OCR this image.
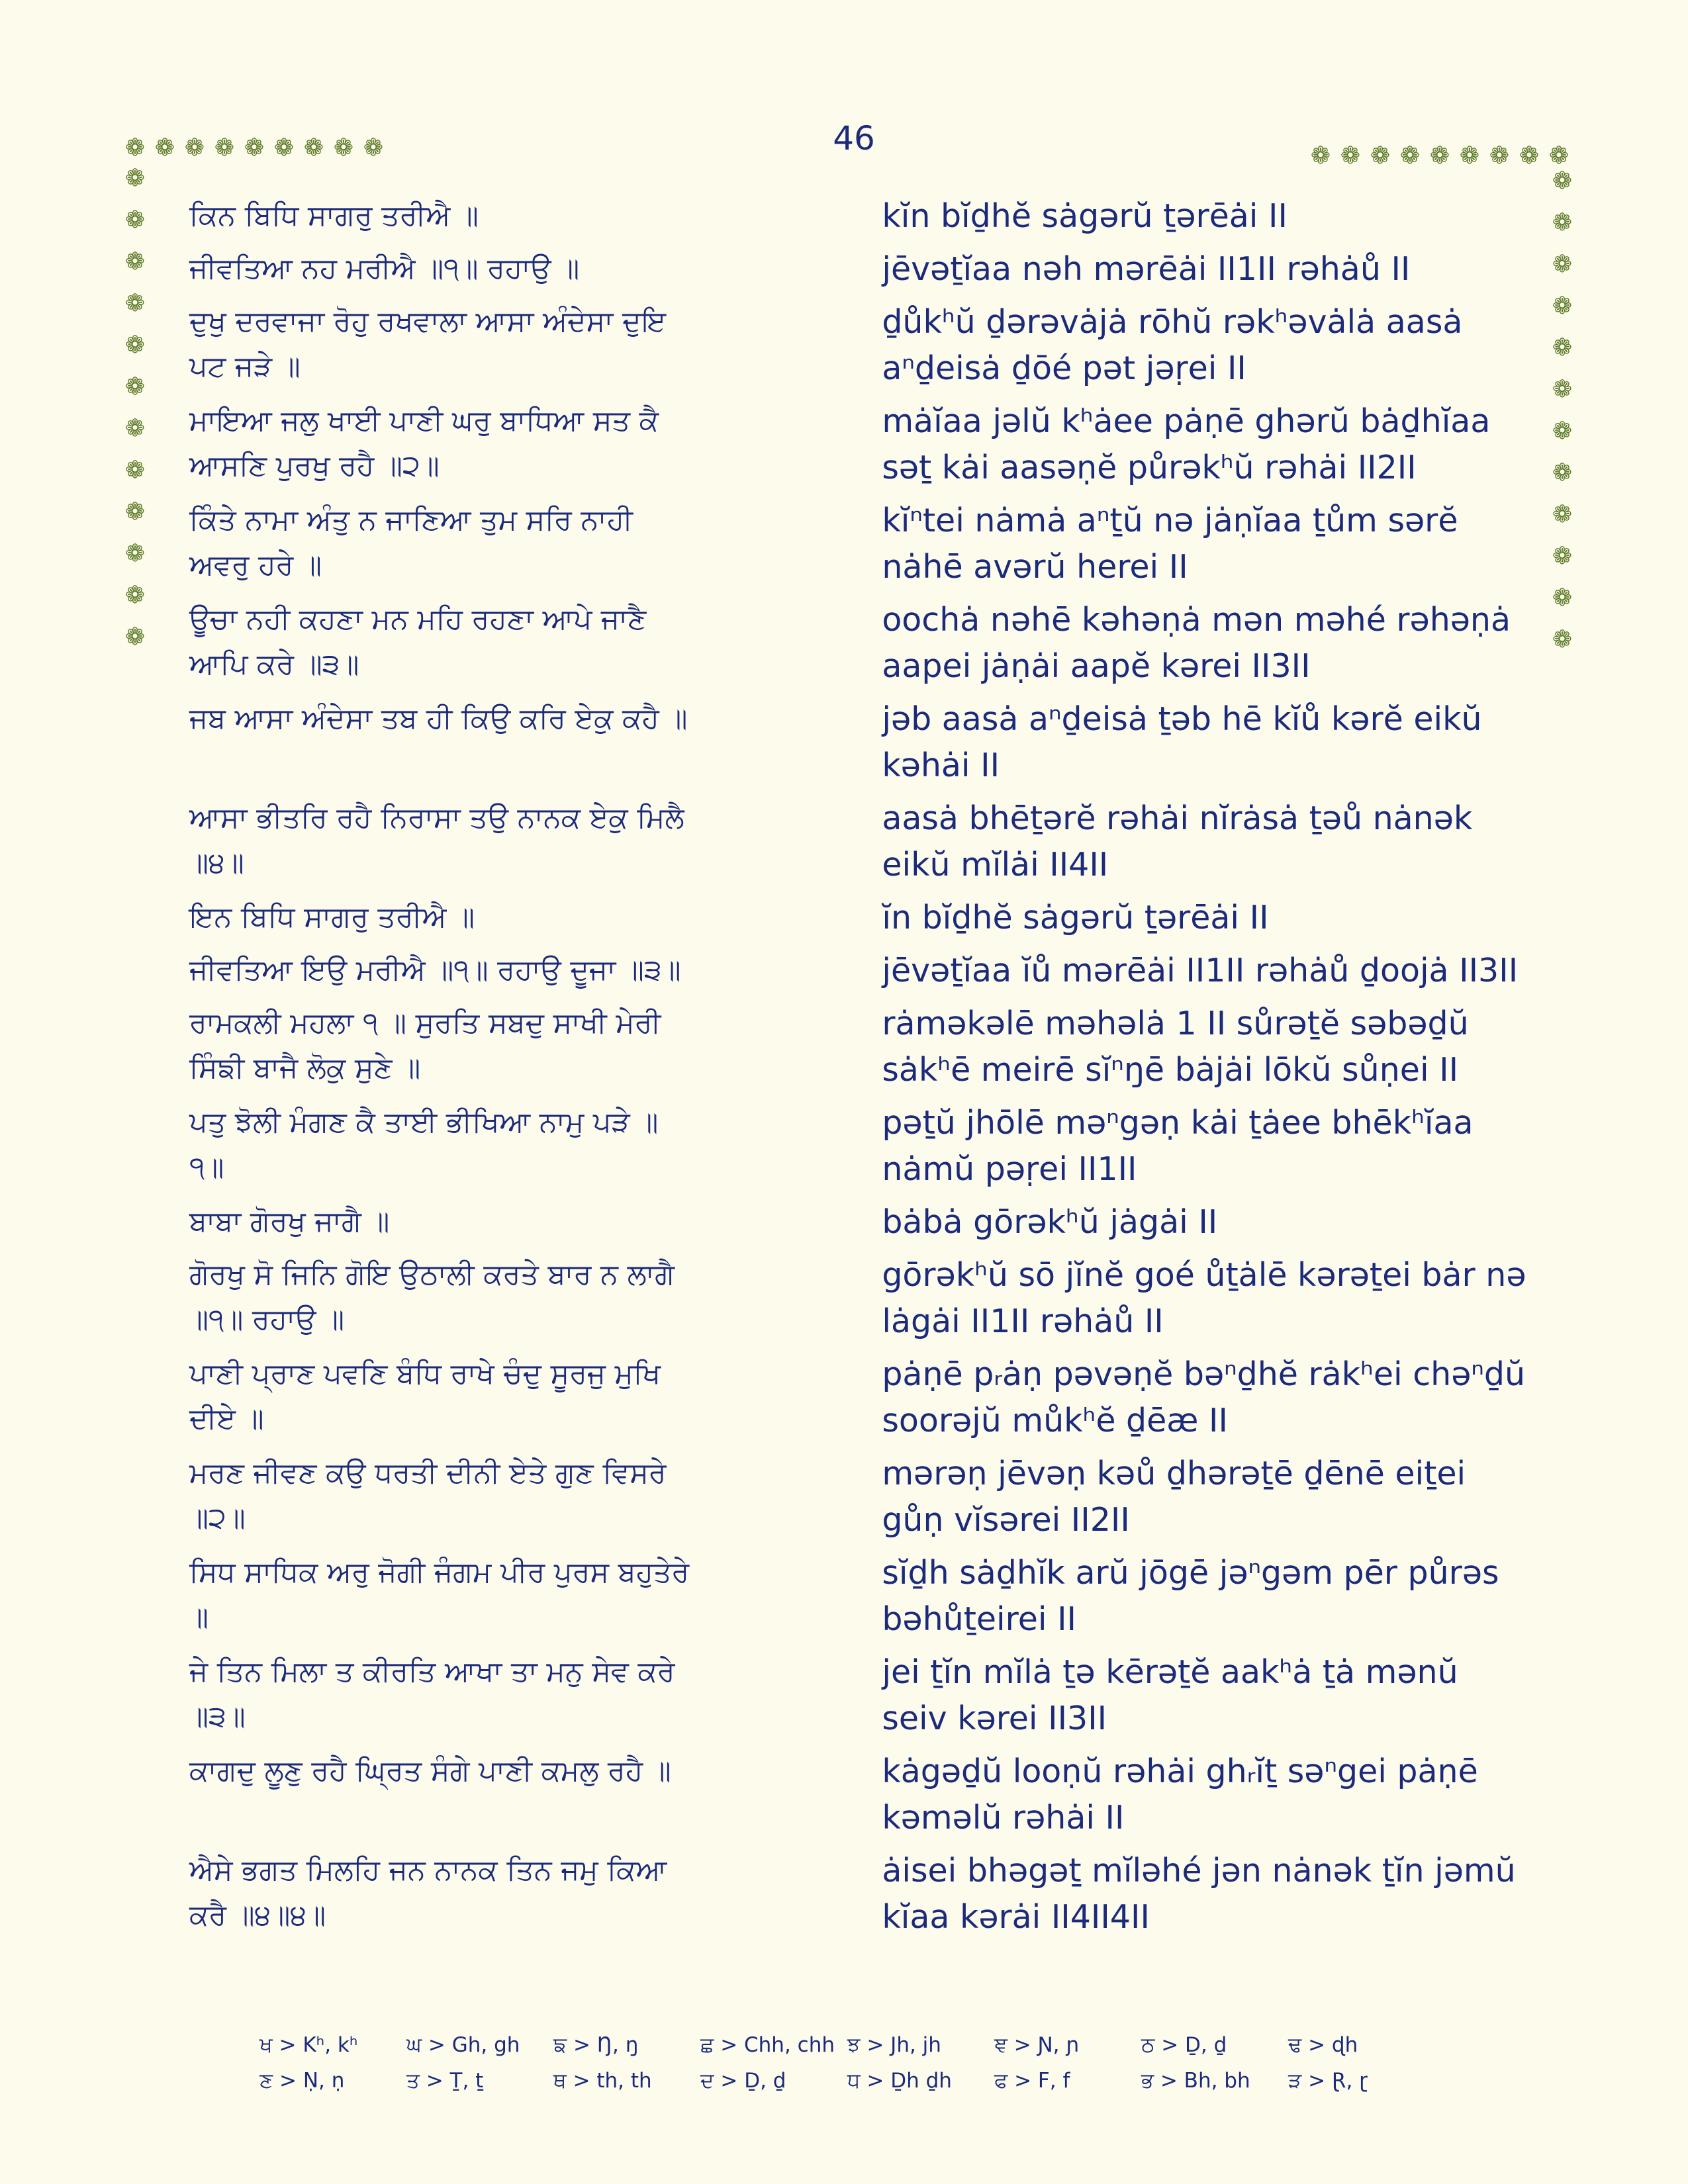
46
❁ ❁ ❁ ❁ ❁ ❁ ❁ ❁ ❁
❁
❁
❁
❁
❁
❁
❁
❁
❁
❁
❁
❁
❁ ❁ ❁ ❁ ❁ ❁ ❁ ❁ ❁
❁
❁
❁
❁
❁
❁
❁
❁
❁
❁
❁
❁
ਕਿਨ ਬਿਧਿ ਸਾਗਰੁ ਤਰੀਐ ॥	kĭn bĭḏhĕ sȧgərŭ ṯərēȧi II
ਜੀਵਤਿਆ ਨਹ ਮਰੀਐ ॥੧॥ ਰਹਾਉ ॥	jēvəṯĭaa nəh mərēȧi II1II rəhȧů II
ਦੁਖੁ ਦਰਵਾਜਾ ਰੋਹੁ ਰਖਵਾਲਾ ਆਸਾ ਅੰਦੇਸਾ ਦੁਇ ਪਟ ਜੜੇ ॥
ḏůkʰŭ ḏərəvȧjȧ rōhŭ rəkʰəvȧlȧ aasȧ aⁿḏeisȧ ḏōé pət jəṛei II
ਮਾਇਆ ਜਲੁ ਖਾਈ ਪਾਣੀ ਘਰੁ ਬਾਧਿਆ ਸਤ ਕੈ ਆਸਣਿ ਪੁਰਖੁ ਰਹੈ ॥੨॥
mȧĭaa jəlŭ kʰȧee pȧṇē ghərŭ bȧḏhĭaa səṯ kȧi aasəṇĕ půrəkʰŭ rəhȧi II2II
ਕਿੰਤੇ ਨਾਮਾ ਅੰਤੁ ਨ ਜਾਣਿਆ ਤੁਮ ਸਰਿ ਨਾਹੀ ਅਵਰੁ ਹਰੇ ॥
kĭⁿtei nȧmȧ aⁿṯŭ nə jȧṇĭaa ṯům sərĕ nȧhē avərŭ herei II
ਊਚਾ ਨਹੀ ਕਹਣਾ ਮਨ ਮਹਿ ਰਹਣਾ ਆਪੇ ਜਾਣੈ ਆਪਿ ਕਰੇ ॥੩॥
oochȧ nəhē kəhəṇȧ mən məhé rəhəṇȧ aapei jȧṇȧi aapĕ kərei II3II
ਜਬ ਆਸਾ ਅੰਦੇਸਾ ਤਬ ਹੀ ਕਿਉ ਕਰਿ ਏਕੁ ਕਹੈ ॥	jəb aasȧ aⁿḏeisȧ ṯəb hē kĭů kərĕ eikŭ kəhȧi II
ਆਸਾ ਭੀਤਰਿ ਰਹੈ ਨਿਰਾਸਾ ਤਉ ਨਾਨਕ ਏਕੁ ਮਿਲੈ ॥੪॥
aasȧ bhēṯərĕ rəhȧi nĭrȧsȧ ṯəů nȧnək eikŭ mĭlȧi II4II
ਇਨ ਬਿਧਿ ਸਾਗਰੁ ਤਰੀਐ ॥	ĭn bĭḏhĕ sȧgərŭ ṯərēȧi II
ਜੀਵਤਿਆ ਇਉ ਮਰੀਐ ॥੧॥ ਰਹਾਉ ਦੂਜਾ ॥੩॥	jēvəṯĭaa ĭů mərēȧi II1II rəhȧů ḏoojȧ II3II
ਰਾਮਕਲੀ ਮਹਲਾ ੧ ॥ ਸੁਰਤਿ ਸਬਦੁ ਸਾਖੀ ਮੇਰੀ ਸਿੰਙੀ ਬਾਜੈ ਲੋਕੁ ਸੁਣੇ ॥
rȧməkəlē məhəlȧ 1 II sůrəṯĕ səbəḏŭ sȧkʰē meirē sĭⁿŋē bȧjȧi lōkŭ sůṇei II
ਪਤੁ ਝੋਲੀ ਮੰਗਣ ਕੈ ਤਾਈ ਭੀਖਿਆ ਨਾਮੁ ਪੜੇ ॥੧॥
pəṯŭ jhōlē məⁿgəṇ kȧi ṯȧee bhēkʰĭaa nȧmŭ pəṛei II1II
ਬਾਬਾ ਗੋਰਖੁ ਜਾਗੈ ॥	bȧbȧ gōrəkʰŭ jȧgȧi II
ਗੋਰਖੁ ਸੋ ਜਿਨਿ ਗੋਇ ਉਠਾਲੀ ਕਰਤੇ ਬਾਰ ਨ ਲਾਗੈ ॥੧॥ ਰਹਾਉ ॥
gōrəkʰŭ sō jĭnĕ goé ůṯȧlē kərəṯei bȧr nə lȧgȧi II1II rəhȧů II
ਪਾਣੀ ਪ੍ਰਾਣ ਪਵਣਿ ਬੰਧਿ ਰਾਖੇ ਚੰਦੁ ਸੂਰਜੁ ਮੁਖਿ ਦੀਏ ॥
pȧṇē pᵣȧṇ pəvəṇĕ bəⁿḏhĕ rȧkʰei chəⁿḏŭ soorəjŭ můkʰĕ ḏēæ II
ਮਰਣ ਜੀਵਣ ਕਉ ਧਰਤੀ ਦੀਨੀ ਏਤੇ ਗੁਣ ਵਿਸਰੇ ॥੨॥
mərəṇ jēvəṇ kəů ḏhərəṯē ḏēnē eiṯei gůṇ vĭsərei II2II
ਸਿਧ ਸਾਧਿਕ ਅਰੁ ਜੋਗੀ ਜੰਗਮ ਪੀਰ ਪੁਰਸ ਬਹੁਤੇਰੇ ॥
sĭḏh sȧḏhĭk arŭ jōgē jəⁿgəm pēr půrəs bəhůṯeirei II
ਜੇ ਤਿਨ ਮਿਲਾ ਤ ਕੀਰਤਿ ਆਖਾ ਤਾ ਮਨੁ ਸੇਵ ਕਰੇ ॥੩॥
jei ṯĭn mĭlȧ ṯə kērəṯĕ aakʰȧ ṯȧ mənŭ seiv kərei II3II
ਕਾਗਦੁ ਲੂਣੁ ਰਹੈ ਘ੍ਰਿਤ ਸੰਗੇ ਪਾਣੀ ਕਮਲੁ ਰਹੈ ॥	kȧgəḏŭ looṇŭ rəhȧi ghᵣĭṯ səⁿgei pȧṇē kəməlŭ rəhȧi II
ਐਸੇ ਭਗਤ ਮਿਲਹਿ ਜਨ ਨਾਨਕ ਤਿਨ ਜਮੁ ਕਿਆ ਕਰੈ ॥੪॥੪॥
ȧisei bhəgəṯ mĭləhé jən nȧnək ṯĭn jəmŭ kĭaa kərȧi II4II4II
ਖ > Kʰ, kʰ	ਘ > Gh, gh	ਙ > Ŋ, ŋ	ਛ > Chh, chh ਝ > Jh, jh	ਞ > Ɲ, ɲ	ਠ > Ḏ, ḏ	ਢ > ɖh
ਣ > Ṇ, ṇ	ਤ > Ṯ, ṯ	ਥ > th, th	ਦ > Ḏ, ḏ	ਧ > Ḏh ḏh	ਫ > F, f	ਭ > Bh, bh	ੜ > Ɽ, ɽ
